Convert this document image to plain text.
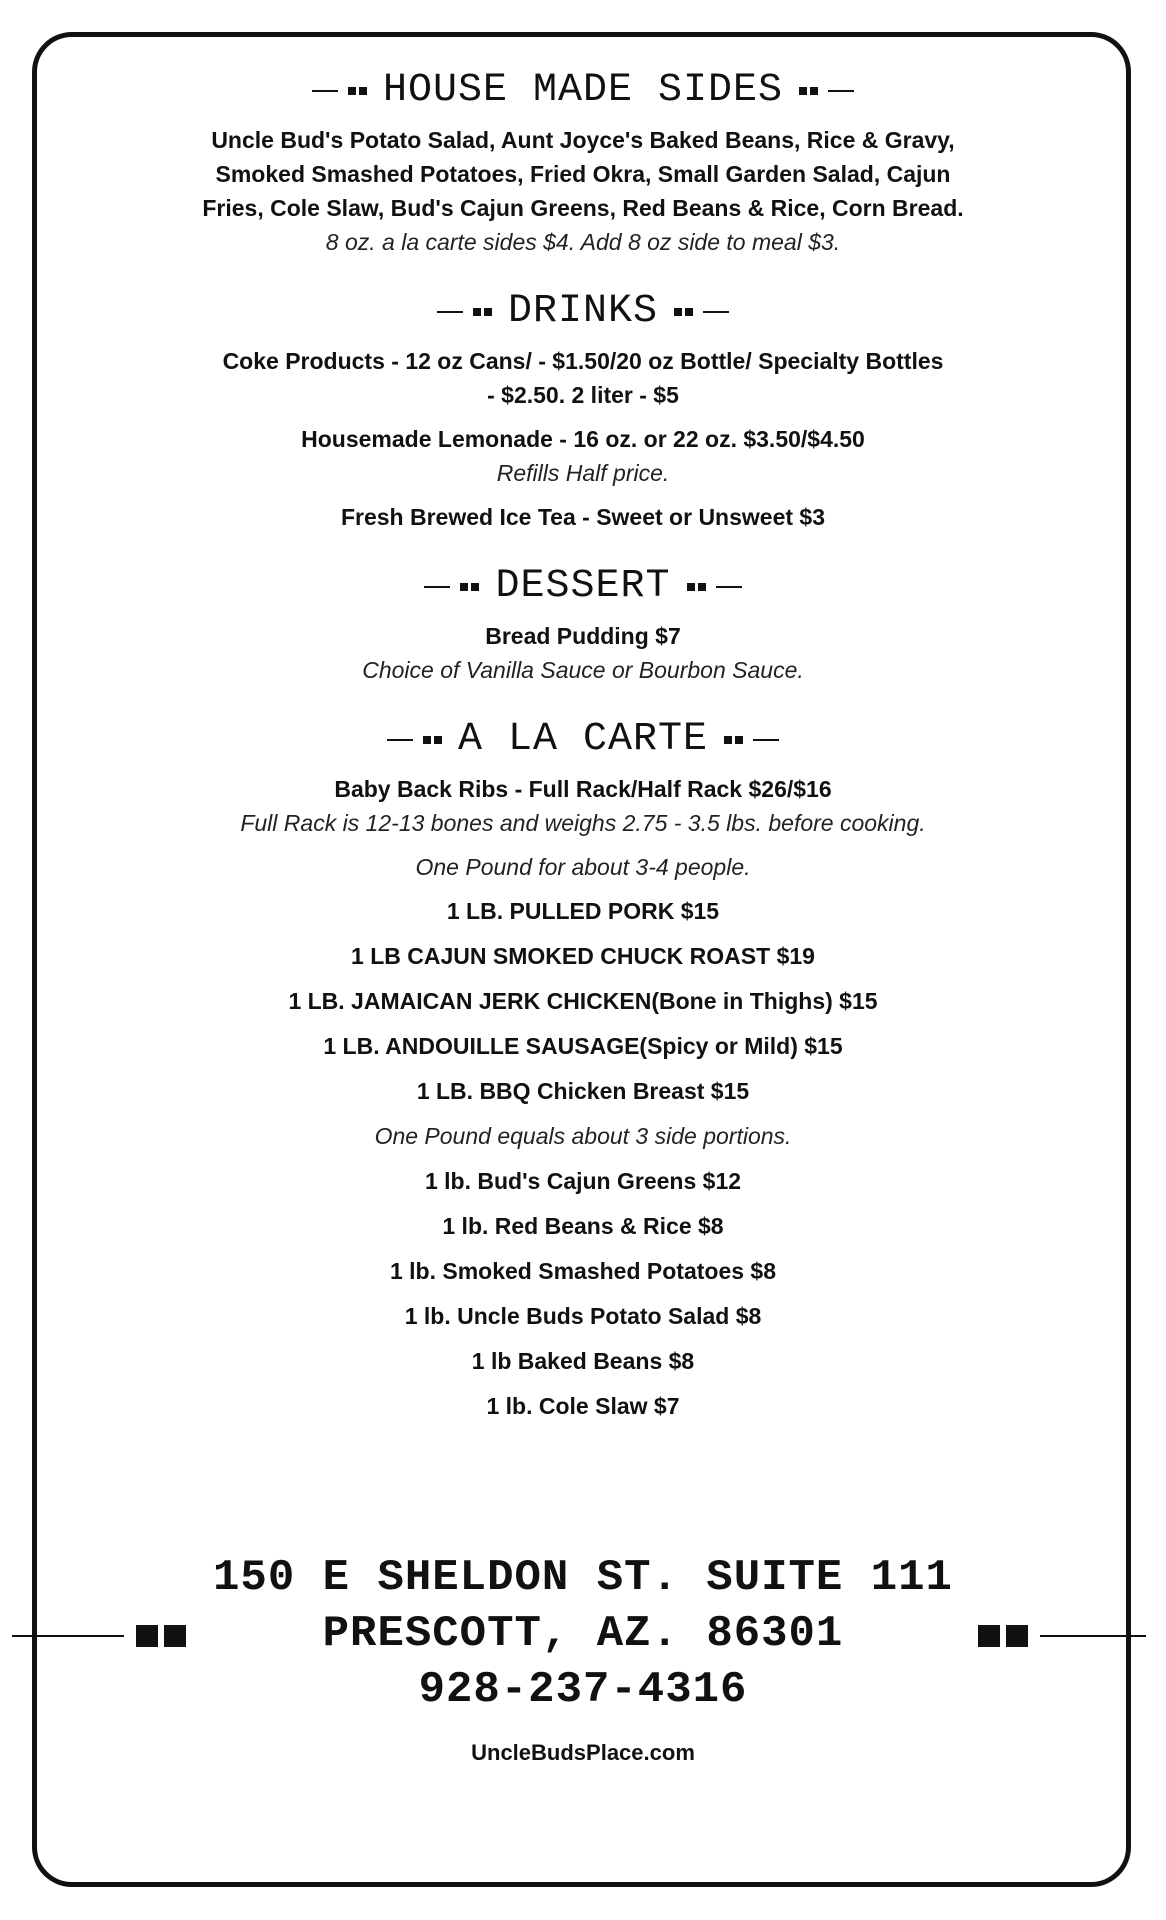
HOUSE MADE SIDES
Uncle Bud's Potato Salad, Aunt Joyce's Baked Beans, Rice & Gravy,
Smoked Smashed Potatoes, Fried Okra, Small Garden Salad, Cajun
Fries, Cole Slaw, Bud's Cajun Greens, Red Beans & Rice, Corn Bread.
8 oz. a la carte sides $4. Add 8 oz side to meal $3.
DRINKS
Coke Products - 12 oz Cans/ - $1.50/20 oz Bottle/ Specialty Bottles
- $2.50. 2 liter - $5
Housemade Lemonade - 16 oz. or 22 oz. $3.50/$4.50
Refills Half price.
Fresh Brewed Ice Tea - Sweet or Unsweet $3
DESSERT
Bread Pudding $7
Choice of Vanilla Sauce or Bourbon Sauce.
A LA CARTE
Baby Back Ribs - Full Rack/Half Rack $26/$16
Full Rack is 12-13 bones and weighs 2.75 - 3.5 lbs. before cooking.
One Pound for about 3-4 people.
1 LB. PULLED PORK $15
1 LB CAJUN SMOKED CHUCK ROAST $19
1 LB. JAMAICAN JERK CHICKEN(Bone in Thighs) $15
1 LB. ANDOUILLE SAUSAGE(Spicy or Mild) $15
1 LB. BBQ Chicken Breast $15
One Pound equals about 3 side portions.
1 lb. Bud's Cajun Greens $12
1 lb. Red Beans & Rice $8
1 lb. Smoked Smashed Potatoes $8
1 lb. Uncle Buds Potato Salad $8
1 lb Baked Beans $8
1 lb. Cole Slaw $7
150 E SHELDON ST. SUITE 111
PRESCOTT, AZ. 86301
928-237-4316
UncleBudsPlace.com
